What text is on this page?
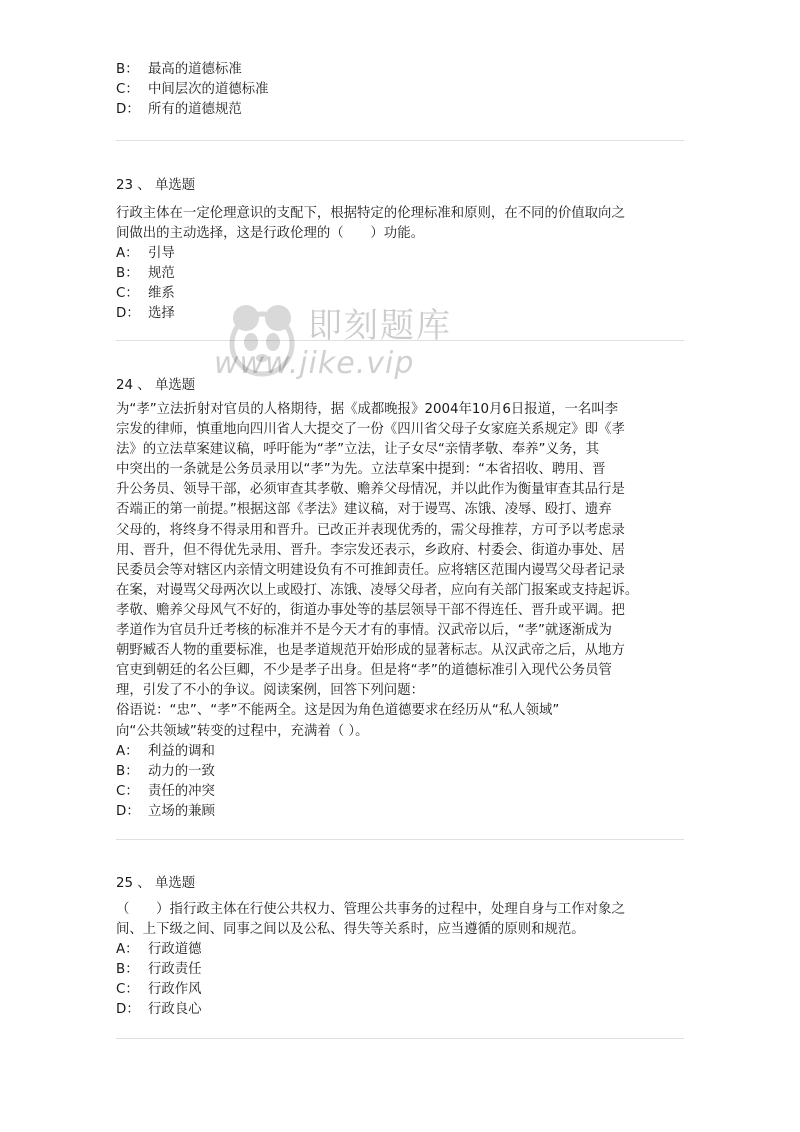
B： 最高的道德标准
C： 中间层次的道德标准
D： 所有的道德规范
23 、 单选题
行政主体在一定伦理意识的支配下，根据特定的伦理标准和原则，在不同的价值取向之
间做出的主动选择，这是行政伦理的（　　）功能。
A： 引导
B： 规范
C： 维系
D： 选择	即刻题库
www.jike.vip
24 、 单选题
为“孝”立法折射对官员的人格期待，据《成都晚报》2004年10月6日报道，一名叫李
宗发的律师，慎重地向四川省人大提交了一份《四川省父母子女家庭关系规定》即《孝
法》的立法草案建议稿，呼吁能为“孝”立法，让子女尽“亲情孝敬、奉养”义务，其
中突出的一条就是公务员录用以“孝”为先。立法草案中提到：“本省招收、聘用、晋
升公务员、领导干部，必须审查其孝敬、赡养父母情况，并以此作为衡量审查其品行是
否端正的第一前提。”根据这部《孝法》建议稿，对于谩骂、冻饿、凌辱、殴打、遗弃
父母的，将终身不得录用和晋升。已改正并表现优秀的，需父母推荐，方可予以考虑录
用、晋升，但不得优先录用、晋升。李宗发还表示，乡政府、村委会、街道办事处、居
民委员会等对辖区内亲情文明建设负有不可推卸责任。应将辖区范围内谩骂父母者记录
在案，对谩骂父母两次以上或殴打、冻饿、凌辱父母者，应向有关部门报案或支持起诉。
孝敬、赡养父母风气不好的，街道办事处等的基层领导干部不得连任、晋升或平调。把
孝道作为官员升迁考核的标准并不是今天才有的事情。汉武帝以后，“孝”就逐渐成为
朝野臧否人物的重要标准，也是孝道规范开始形成的显著标志。从汉武帝之后，从地方
官吏到朝廷的名公巨卿，不少是孝子出身。但是将“孝”的道德标准引入现代公务员管
理，引发了不小的争议。阅读案例，回答下列问题：
俗语说：“忠”、“孝”不能两全。这是因为角色道德要求在经历从“私人领域”
向“公共领域”转变的过程中，充满着（ ）。
A： 利益的调和
B： 动力的一致
C： 责任的冲突
D： 立场的兼顾
25 、 单选题
（　　）指行政主体在行使公共权力、管理公共事务的过程中，处理自身与工作对象之
间、上下级之间、同事之间以及公私、得失等关系时，应当遵循的原则和规范。
A： 行政道德
B： 行政责任
C： 行政作风
D： 行政良心
